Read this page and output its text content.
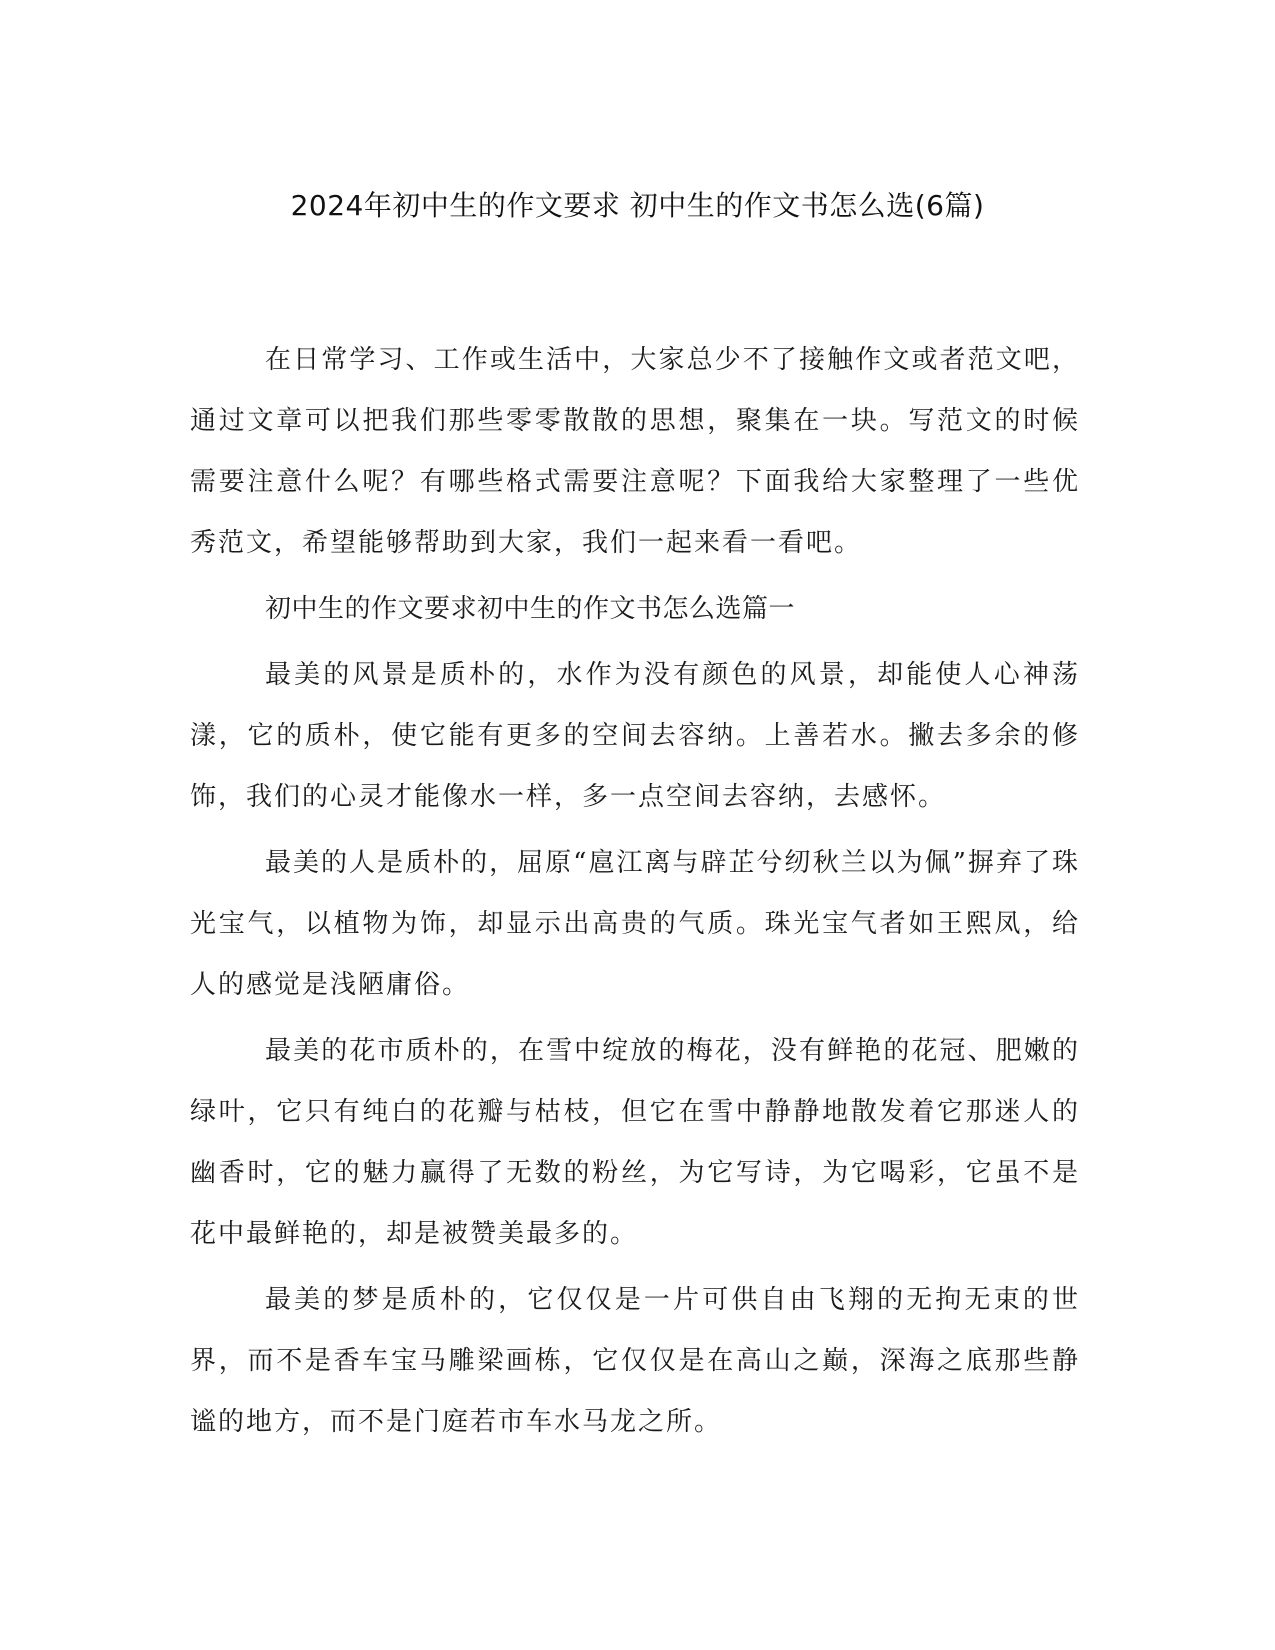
2024年初中生的作文要求 初中生的作文书怎么选(6篇)

在日常学习、工作或生活中，大家总少不了接触作文或者范文吧，通过文章可以把我们那些零零散散的思想，聚集在一块。写范文的时候需要注意什么呢？有哪些格式需要注意呢？下面我给大家整理了一些优秀范文，希望能够帮助到大家，我们一起来看一看吧。

初中生的作文要求初中生的作文书怎么选篇一

最美的风景是质朴的，水作为没有颜色的风景，却能使人心神荡漾，它的质朴，使它能有更多的空间去容纳。上善若水。撇去多余的修饰，我们的心灵才能像水一样，多一点空间去容纳，去感怀。

最美的人是质朴的，屈原“扈江离与辟芷兮纫秋兰以为佩”摒弃了珠光宝气，以植物为饰，却显示出高贵的气质。珠光宝气者如王熙凤，给人的感觉是浅陋庸俗。

最美的花市质朴的，在雪中绽放的梅花，没有鲜艳的花冠、肥嫩的绿叶，它只有纯白的花瓣与枯枝，但它在雪中静静地散发着它那迷人的幽香时，它的魅力赢得了无数的粉丝，为它写诗，为它喝彩，它虽不是花中最鲜艳的，却是被赞美最多的。

最美的梦是质朴的，它仅仅是一片可供自由飞翔的无拘无束的世界，而不是香车宝马雕梁画栋，它仅仅是在高山之巅，深海之底那些静谧的地方，而不是门庭若市车水马龙之所。
